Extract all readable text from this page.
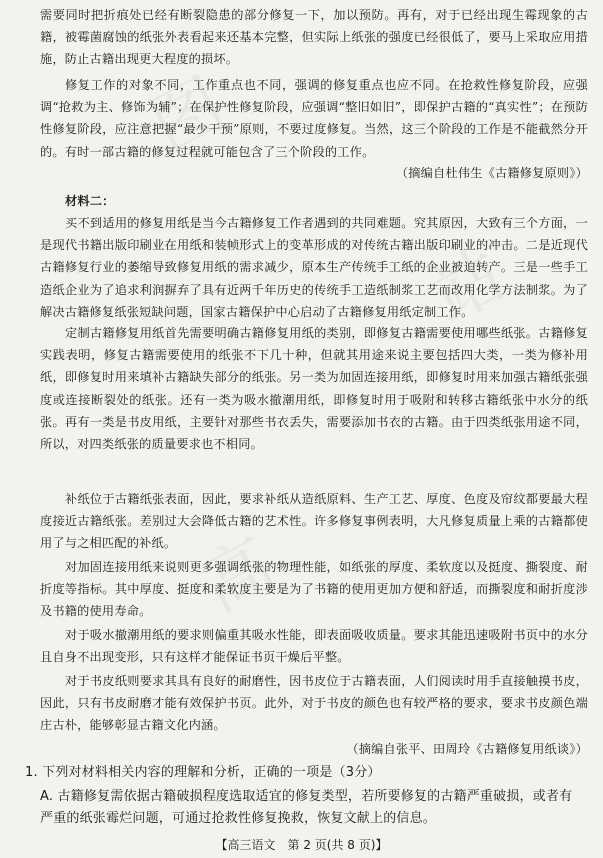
图
站
高
需要同时把折痕处已经有断裂隐患的部分修复一下，加以预防。再有，对于已经出现生霉现象的古籍，被霉菌腐蚀的纸张外表看起来还基本完整，但实际上纸张的强度已经很低了，要马上采取应用措施，防止古籍出现更大程度的损坏。
修复工作的对象不同，工作重点也不同，强调的修复重点也应不同。在抢救性修复阶段，应强调“抢救为主、修饰为辅”；在保护性修复阶段，应强调“整旧如旧”，即保护古籍的“真实性”；在预防性修复阶段，应注意把握“最少干预”原则，不要过度修复。当然，这三个阶段的工作是不能截然分开的。有时一部古籍的修复过程就可能包含了三个阶段的工作。
（摘编自杜伟生《古籍修复原则》）
材料二：
买不到适用的修复用纸是当今古籍修复工作者遇到的共同难题。究其原因，大致有三个方面，一是现代书籍出版印刷业在用纸和装帧形式上的变革形成的对传统古籍出版印刷业的冲击。二是近现代古籍修复行业的萎缩导致修复用纸的需求减少，原本生产传统手工纸的企业被迫转产。三是一些手工造纸企业为了追求利润摒弃了具有近两千年历史的传统手工造纸制浆工艺而改用化学方法制浆。为了解决古籍修复纸张短缺问题，国家古籍保护中心启动了古籍修复用纸定制工作。
定制古籍修复用纸首先需要明确古籍修复用纸的类别，即修复古籍需要使用哪些纸张。古籍修复实践表明，修复古籍需要使用的纸张不下几十种，但就其用途来说主要包括四大类，一类为修补用纸，即修复时用来填补古籍缺失部分的纸张。另一类为加固连接用纸，即修复时用来加强古籍纸张强度或连接断裂处的纸张。还有一类为吸水撤潮用纸，即修复时用于吸附和转移古籍纸张中水分的纸张。再有一类是书皮用纸，主要针对那些书衣丢失，需要添加书衣的古籍。由于四类纸张用途不同，所以，对四类纸张的质量要求也不相同。
补纸位于古籍纸张表面，因此，要求补纸从造纸原料、生产工艺、厚度、色度及帘纹都要最大程度接近古籍纸张。差别过大会降低古籍的艺术性。许多修复事例表明，大凡修复质量上乘的古籍都使用了与之相匹配的补纸。
对加固连接用纸来说则更多强调纸张的物理性能，如纸张的厚度、柔软度以及挺度、撕裂度、耐折度等指标。其中厚度、挺度和柔软度主要是为了书籍的使用更加方便和舒适，而撕裂度和耐折度涉及书籍的使用寿命。
对于吸水撤潮用纸的要求则偏重其吸水性能，即表面吸收质量。要求其能迅速吸附书页中的水分且自身不出现变形，只有这样才能保证书页干燥后平整。
对于书皮纸则要求其具有良好的耐磨性，因书皮位于古籍表面，人们阅读时用手直接触摸书皮，因此，只有书皮耐磨才能有效保护书页。此外，对于书皮的颜色也有较严格的要求，要求书皮颜色端庄古朴，能够彰显古籍文化内涵。
（摘编自张平、田周玲《古籍修复用纸谈》）
1. 下列对材料相关内容的理解和分析，正确的一项是（3分）
A. 古籍修复需依据古籍破损程度选取适宜的修复类型，若所要修复的古籍严重破损，或者有严重的纸张霉烂问题，可通过抢救性修复挽救，恢复文献上的信息。
【高三语文　第 2 页(共 8 页)】
